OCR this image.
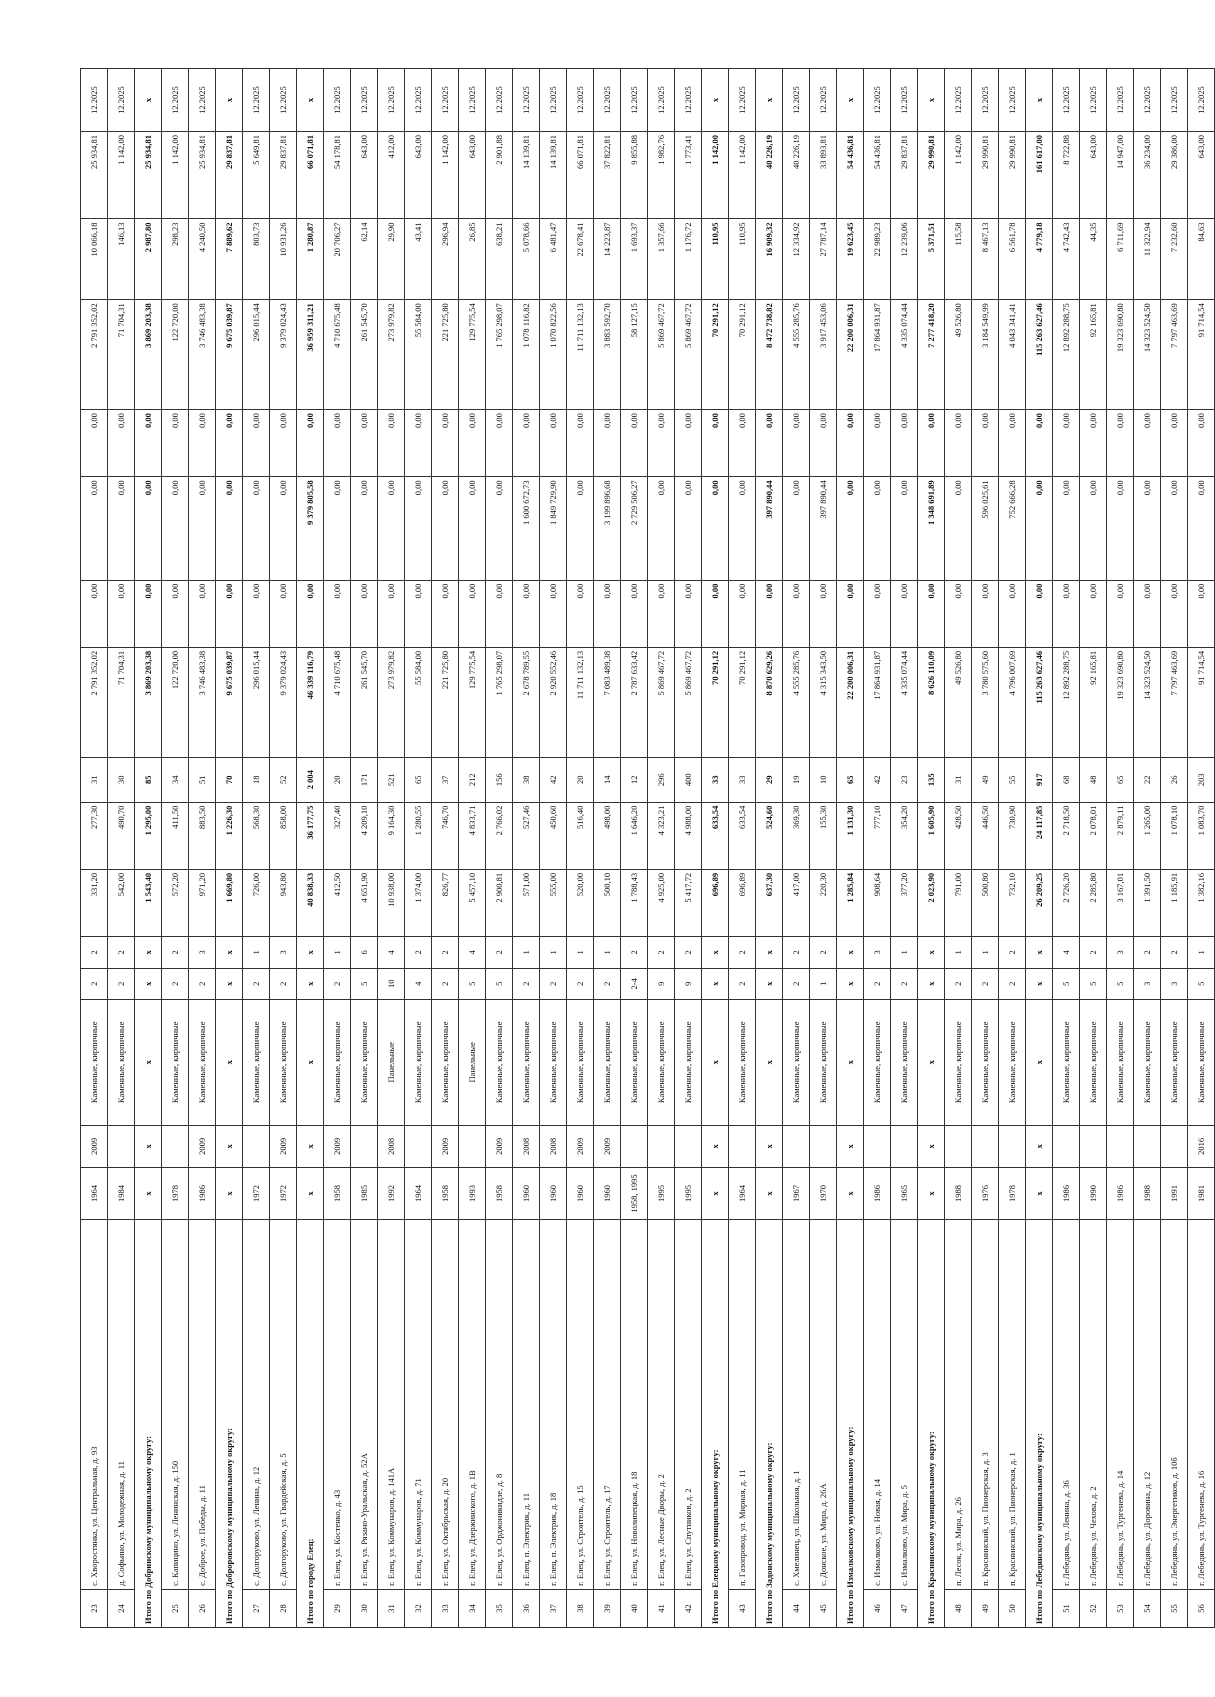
23	с. Хворостянка, ул. Центральная, д. 93	1964	2009	Каменные, кирпичные	2	2	331,20	277,30	31	2 791 352,02	0,00	0,00	0,00	2 791 352,02	10 066,18	25 934,81	12.2025
24	д. Софьино, ул. Молодежная, д. 11	1984		Каменные, кирпичные	2	2	542,00	490,70	30	71 704,31	0,00	0,00	0,00	71 704,31	146,13	1 142,00	12.2025
Итого по Добринскому муниципальному округу:		х	х	х	х	х	1 543,40	1 295,00	85	3 869 203,38	0,00	0,00	0,00	3 869 203,38	2 987,80	25 934,81	х
25	с. Капицино, ул. Ленинская, д. 150	1978		Каменные, кирпичные	2	2	572,20	411,50	34	122 720,00	0,00	0,00	0,00	122 720,00	298,23	1 142,00	12.2025
26	с. Доброе, ул. Победы, д. 11	1986	2009	Каменные, кирпичные	2	3	971,20	883,50	51	3 746 483,38	0,00	0,00	0,00	3 746 483,38	4 240,50	25 934,81	12.2025
Итого по Доброровскому муниципальному округу:		х	х	х	х	х	1 669,80	1 226,30	70	9 675 039,87	0,00	0,00	0,00	9 675 039,87	7 889,62	29 837,81	х
27	с. Долгоруково, ул. Ленина, д. 12	1972		Каменные, кирпичные	2	1	726,00	568,30	18	296 015,44	0,00	0,00	0,00	296 015,44	803,73	5 649,81	12.2025
28	с. Долгоруково, ул. Гвардейская, д. 5	1972	2009	Каменные, кирпичные	2	3	943,80	858,00	52	9 379 024,43	0,00	0,00	0,00	9 379 024,43	10 931,26	29 837,81	12.2025
Итого по городу Елец:		х	х	х	х	х	40 838,33	36 177,75	2 004	46 339 116,79	0,00	9 379 805,58	0,00	36 959 311,21	1 280,87	66 071,81	х
29	г. Елец, ул. Костенко, д. 43	1958	2009	Каменные, кирпичные	2	1	412,50	327,40	20	4 710 675,48	0,00	0,00	0,00	4 710 675,48	20 706,27	54 178,81	12.2025
30	г. Елец, ул. Рязано-Уральская, д. 52А	1985		Каменные, кирпичные	5	6	4 651,90	4 209,10	171	261 545,70	0,00	0,00	0,00	261 545,70	62,14	643,00	12.2025
31	г. Елец, ул. Коммунаров, д. 141А	1992	2008	Панельные	10	4	10 938,00	9 164,30	521	273 979,82	0,00	0,00	0,00	273 979,82	29,90	412,00	12.2025
32	г. Елец, ул. Коммунаров, д. 71	1964		Каменные, кирпичные	4	2	1 374,00	1 280,55	65	55 584,00	0,00	0,00	0,00	55 584,00	43,41	643,00	12.2025
33	г. Елец, ул. Октябрьская, д. 20	1958	2009	Каменные, кирпичные	2	2	826,77	746,70	37	221 725,80	0,00	0,00	0,00	221 725,80	296,94	1 142,00	12.2025
34	г. Елец, ул. Дзержинского, д. 1В	1993		Панельные	5	4	5 457,10	4 833,71	212	129 775,54	0,00	0,00	0,00	129 775,54	26,85	643,00	12.2025
35	г. Елец, ул. Орджоникидзе, д. 8	1958	2009	Каменные, кирпичные	5	2	2 900,81	2 766,02	156	1 765 298,07	0,00	0,00	0,00	1 765 298,07	638,21	2 901,88	12.2025
36	г. Елец, п. Электрик, д. 11	1960	2008	Каменные, кирпичные	2	1	571,00	527,46	38	2 678 789,55	0,00	1 600 672,73	0,00	1 078 116,82	5 078,66	14 139,81	12.2025
37	г. Елец, п. Электрик, д. 18	1960	2008	Каменные, кирпичные	2	1	555,00	450,60	42	2 920 552,46	0,00	1 849 729,90	0,00	1 070 822,56	6 481,47	14 139,81	12.2025
38	г. Елец, ул. Строитель, д. 15	1960	2009	Каменные, кирпичные	2	1	520,00	516,40	20	11 711 132,13	0,00	0,00	0,00	11 711 132,13	22 678,41	66 071,81	12.2025
39	г. Елец, ул. Строитель, д. 17	1960	2009	Каменные, кирпичные	2	1	500,10	498,00	14	7 083 489,38	0,00	3 199 896,68	0,00	3 883 592,70	14 223,87	37 822,81	12.2025
40	г. Елец, ул. Новолипецкая, д. 18	1958, 1995		Каменные, кирпичные	2-4	2	1 788,43	1 646,20	12	2 787 633,42	0,00	2 729 506,27	0,00	58 127,15	1 693,37	9 855,88	12.2025
41	г. Елец, ул. Лесные Дворы, д. 2	1995		Каменные, кирпичные	9	2	4 925,00	4 323,21	296	5 869 467,72	0,00	0,00	0,00	5 869 467,72	1 357,66	1 982,76	12.2025
42	г. Елец, ул. Спутников, д. 2	1995		Каменные, кирпичные	9	2	5 417,72	4 988,00	400	5 869 467,72	0,00	0,00	0,00	5 869 467,72	1 176,72	1 773,41	12.2025
Итого по Елецкому муниципальному округу:		х	х	х	х	х	696,89	633,54	33	70 291,12	0,00	0,00	0,00	70 291,12	110,95	1 142,00	х
43	п. Газопровод, ул. Мирная, д. 11	1964		Каменные, кирпичные	2	2	696,89	633,54	33	70 291,12	0,00	0,00	0,00	70 291,12	110,95	1 142,00	12.2025
Итого по Задонскому муниципальному округу:		х	х	х	х	х	637,30	524,60	29	8 870 629,26	0,00	397 890,44	0,00	8 472 738,82	16 909,32	40 226,19	х
44	с. Хмелинец, ул. Школьная, д. 1	1967		Каменные, кирпичные	2	2	417,00	369,30	19	4 555 285,76	0,00	0,00	0,00	4 555 285,76	12 334,92	40 226,19	12.2025
45	с. Донское, ул. Мира, д. 26А	1970		Каменные, кирпичные	1	2	220,30	155,30	10	4 315 343,50	0,00	397 890,44	0,00	3 917 453,06	27 787,14	33 893,81	12.2025
Итого по Измалковскому муниципальному округу:		х	х	х	х	х	1 285,84	1 131,30	65	22 200 006,31	0,00	0,00	0,00	22 200 006,31	19 623,45	54 436,81	х
46	с. Измалково, ул. Новая, д. 14	1986		Каменные, кирпичные	2	3	908,64	777,10	42	17 864 931,87	0,00	0,00	0,00	17 864 931,87	22 989,23	54 436,81	12.2025
47	с. Измалково, ул. Мира, д. 5	1965		Каменные, кирпичные	2	1	377,20	354,20	23	4 335 074,44	0,00	0,00	0,00	4 335 074,44	12 239,06	29 837,81	12.2025
Итого по Краснинскому муниципальному округу:		х	х	х	х	х	2 023,90	1 605,90	135	8 626 110,09	0,00	1 348 691,89	0,00	7 277 418,20	5 371,51	29 990,81	х
48	п. Лесок, ул. Мира, д. 26	1988		Каменные, кирпичные	2	1	791,00	428,50	31	49 526,80	0,00	0,00	0,00	49 526,80	115,58	1 142,00	12.2025
49	п. Краснинский, ул. Пионерская, д. 3	1976		Каменные, кирпичные	2	1	500,80	446,50	49	3 780 575,60	0,00	596 025,61	0,00	3 184 549,99	8 467,13	29 990,81	12.2025
50	п. Краснинский, ул. Пионерская, д. 1	1978		Каменные, кирпичные	2	2	732,10	730,90	55	4 796 007,69	0,00	752 666,28	0,00	4 043 341,41	6 561,78	29 990,81	12.2025
Итого по Лебедянскому муниципальному округу:		х	х	х	х	х	26 209,25	24 117,85	917	115 263 627,46	0,00	0,00	0,00	115 263 627,46	4 779,18	161 617,00	х
51	г. Лебедянь, ул. Ленина, д. 36	1986		Каменные, кирпичные	5	4	2 726,20	2 718,50	68	12 892 288,75	0,00	0,00	0,00	12 892 288,75	4 742,43	8 722,88	12.2025
52	г. Лебедянь, ул. Чехова, д. 2	1990		Каменные, кирпичные	5	2	2 285,80	2 078,01	48	92 165,81	0,00	0,00	0,00	92 165,81	44,35	643,00	12.2025
53	г. Лебедянь, ул. Тургенева, д. 14	1986		Каменные, кирпичные	5	3	3 167,01	2 879,11	65	19 323 690,80	0,00	0,00	0,00	19 323 690,80	6 711,69	14 947,00	12.2025
54	г. Лебедянь, ул. Доровина, д. 12	1988		Каменные, кирпичные	3	2	1 391,50	1 265,00	22	14 323 524,50	0,00	0,00	0,00	14 323 524,50	11 322,94	36 234,00	12.2025
55	г. Лебедянь, ул. Энергетиков, д. 10б	1991		Каменные, кирпичные	3	2	1 185,91	1 078,10	26	7 797 463,69	0,00	0,00	0,00	7 797 463,69	7 232,60	29 386,00	12.2025
56	г. Лебедянь, ул. Тургенева, д. 16	1981	2016	Каменные, кирпичные	5	1	1 382,16	1 083,70	203	91 714,54	0,00	0,00	0,00	91 714,54	84,63	643,00	12.2025
